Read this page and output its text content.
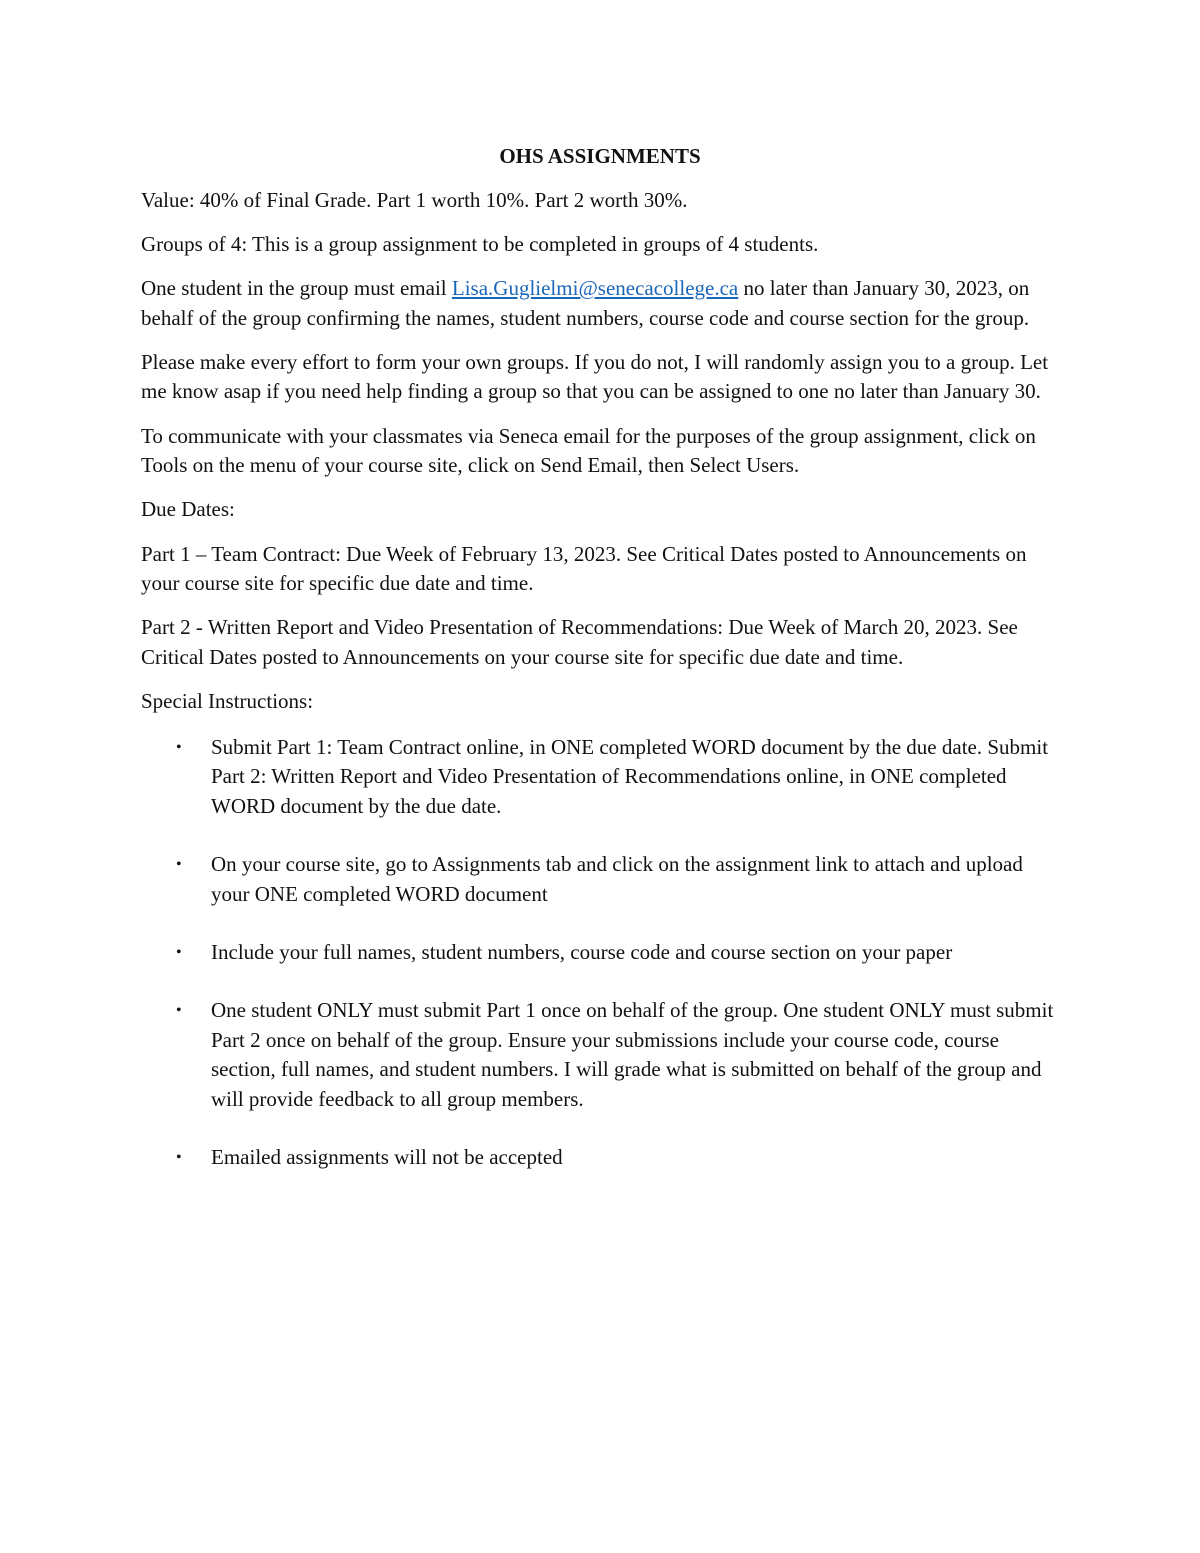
OHS ASSIGNMENTS

Value: 40% of Final Grade. Part 1 worth 10%. Part 2 worth 30%.

Groups of 4: This is a group assignment to be completed in groups of 4 students.

One student in the group must email Lisa.Guglielmi@senecacollege.ca no later than January 30, 2023, on behalf of the group confirming the names, student numbers, course code and course section for the group.

Please make every effort to form your own groups. If you do not, I will randomly assign you to a group. Let me know asap if you need help finding a group so that you can be assigned to one no later than January 30.

To communicate with your classmates via Seneca email for the purposes of the group assignment, click on Tools on the menu of your course site, click on Send Email, then Select Users.

Due Dates:

Part 1 – Team Contract: Due Week of February 13, 2023. See Critical Dates posted to Announcements on your course site for specific due date and time.

Part 2 - Written Report and Video Presentation of Recommendations: Due Week of March 20, 2023. See Critical Dates posted to Announcements on your course site for specific due date and time.

Special Instructions:

• Submit Part 1: Team Contract online, in ONE completed WORD document by the due date. Submit Part 2: Written Report and Video Presentation of Recommendations online, in ONE completed WORD document by the due date.
• On your course site, go to Assignments tab and click on the assignment link to attach and upload your ONE completed WORD document
• Include your full names, student numbers, course code and course section on your paper
• One student ONLY must submit Part 1 once on behalf of the group. One student ONLY must submit Part 2 once on behalf of the group. Ensure your submissions include your course code, course section, full names, and student numbers. I will grade what is submitted on behalf of the group and will provide feedback to all group members.
• Emailed assignments will not be accepted
